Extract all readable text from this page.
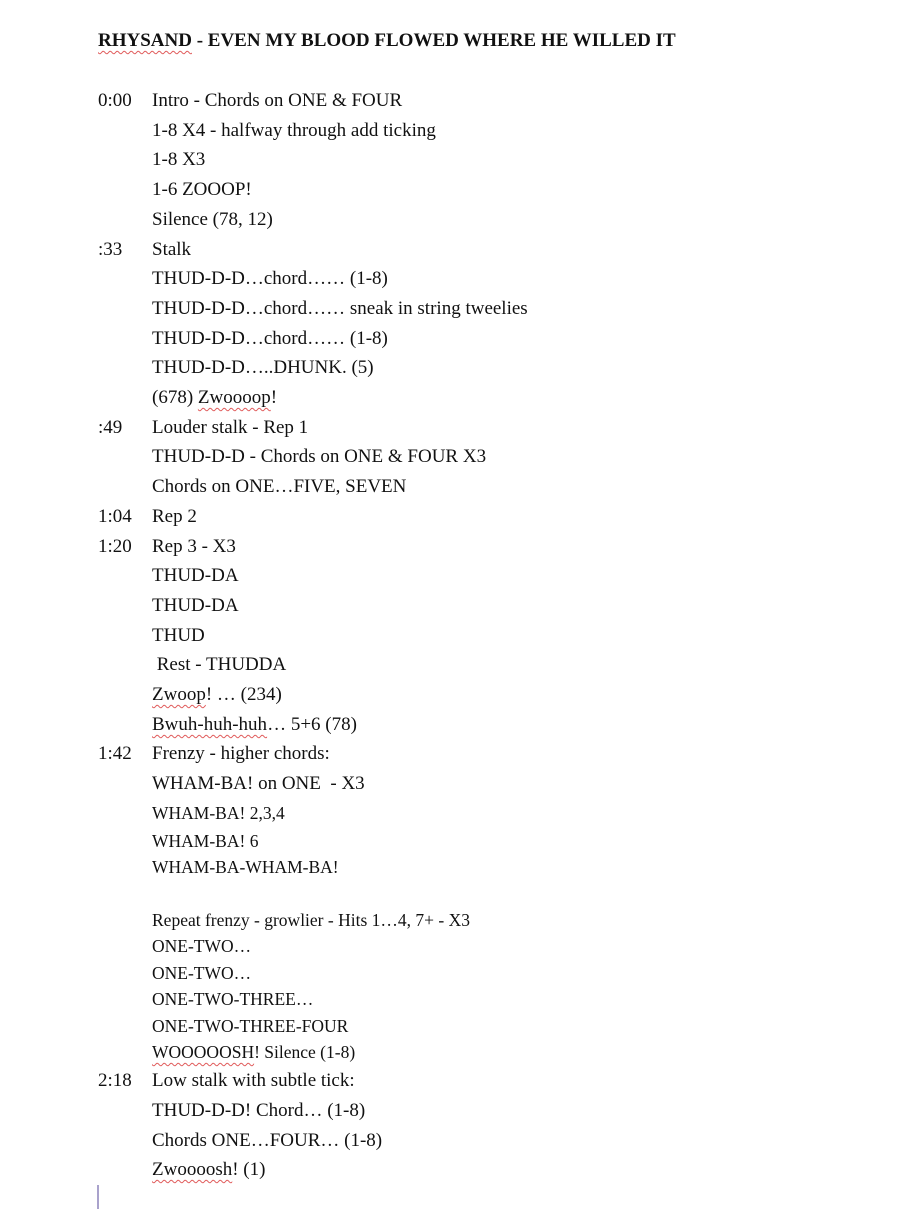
RHYSAND - EVEN MY BLOOD FLOWED WHERE HE WILLED IT
0:00 Intro - Chords on ONE & FOUR
1-8 X4 - halfway through add ticking
1-8 X3
1-6 ZOOOP!
Silence (78, 12)
:33 Stalk
THUD-D-D…chord…… (1-8)
THUD-D-D…chord…… sneak in string tweelies
THUD-D-D…chord…… (1-8)
THUD-D-D…..DHUNK. (5)
(678) Zwoooop!
:49 Louder stalk - Rep 1
THUD-D-D - Chords on ONE & FOUR X3
Chords on ONE…FIVE, SEVEN
1:04 Rep 2
1:20 Rep 3 - X3
THUD-DA
THUD-DA
THUD
Rest - THUDDA
Zwoop! … (234)
Bwuh-huh-huh… 5+6 (78)
1:42 Frenzy - higher chords:
WHAM-BA! on ONE  - X3
WHAM-BA! 2,3,4
WHAM-BA! 6
WHAM-BA-WHAM-BA!
Repeat frenzy - growlier - Hits 1…4, 7+ - X3
ONE-TWO…
ONE-TWO…
ONE-TWO-THREE…
ONE-TWO-THREE-FOUR
WOOOOOSH! Silence (1-8)
2:18 Low stalk with subtle tick:
THUD-D-D! Chord… (1-8)
Chords ONE…FOUR… (1-8)
Zwoooosh! (1)
